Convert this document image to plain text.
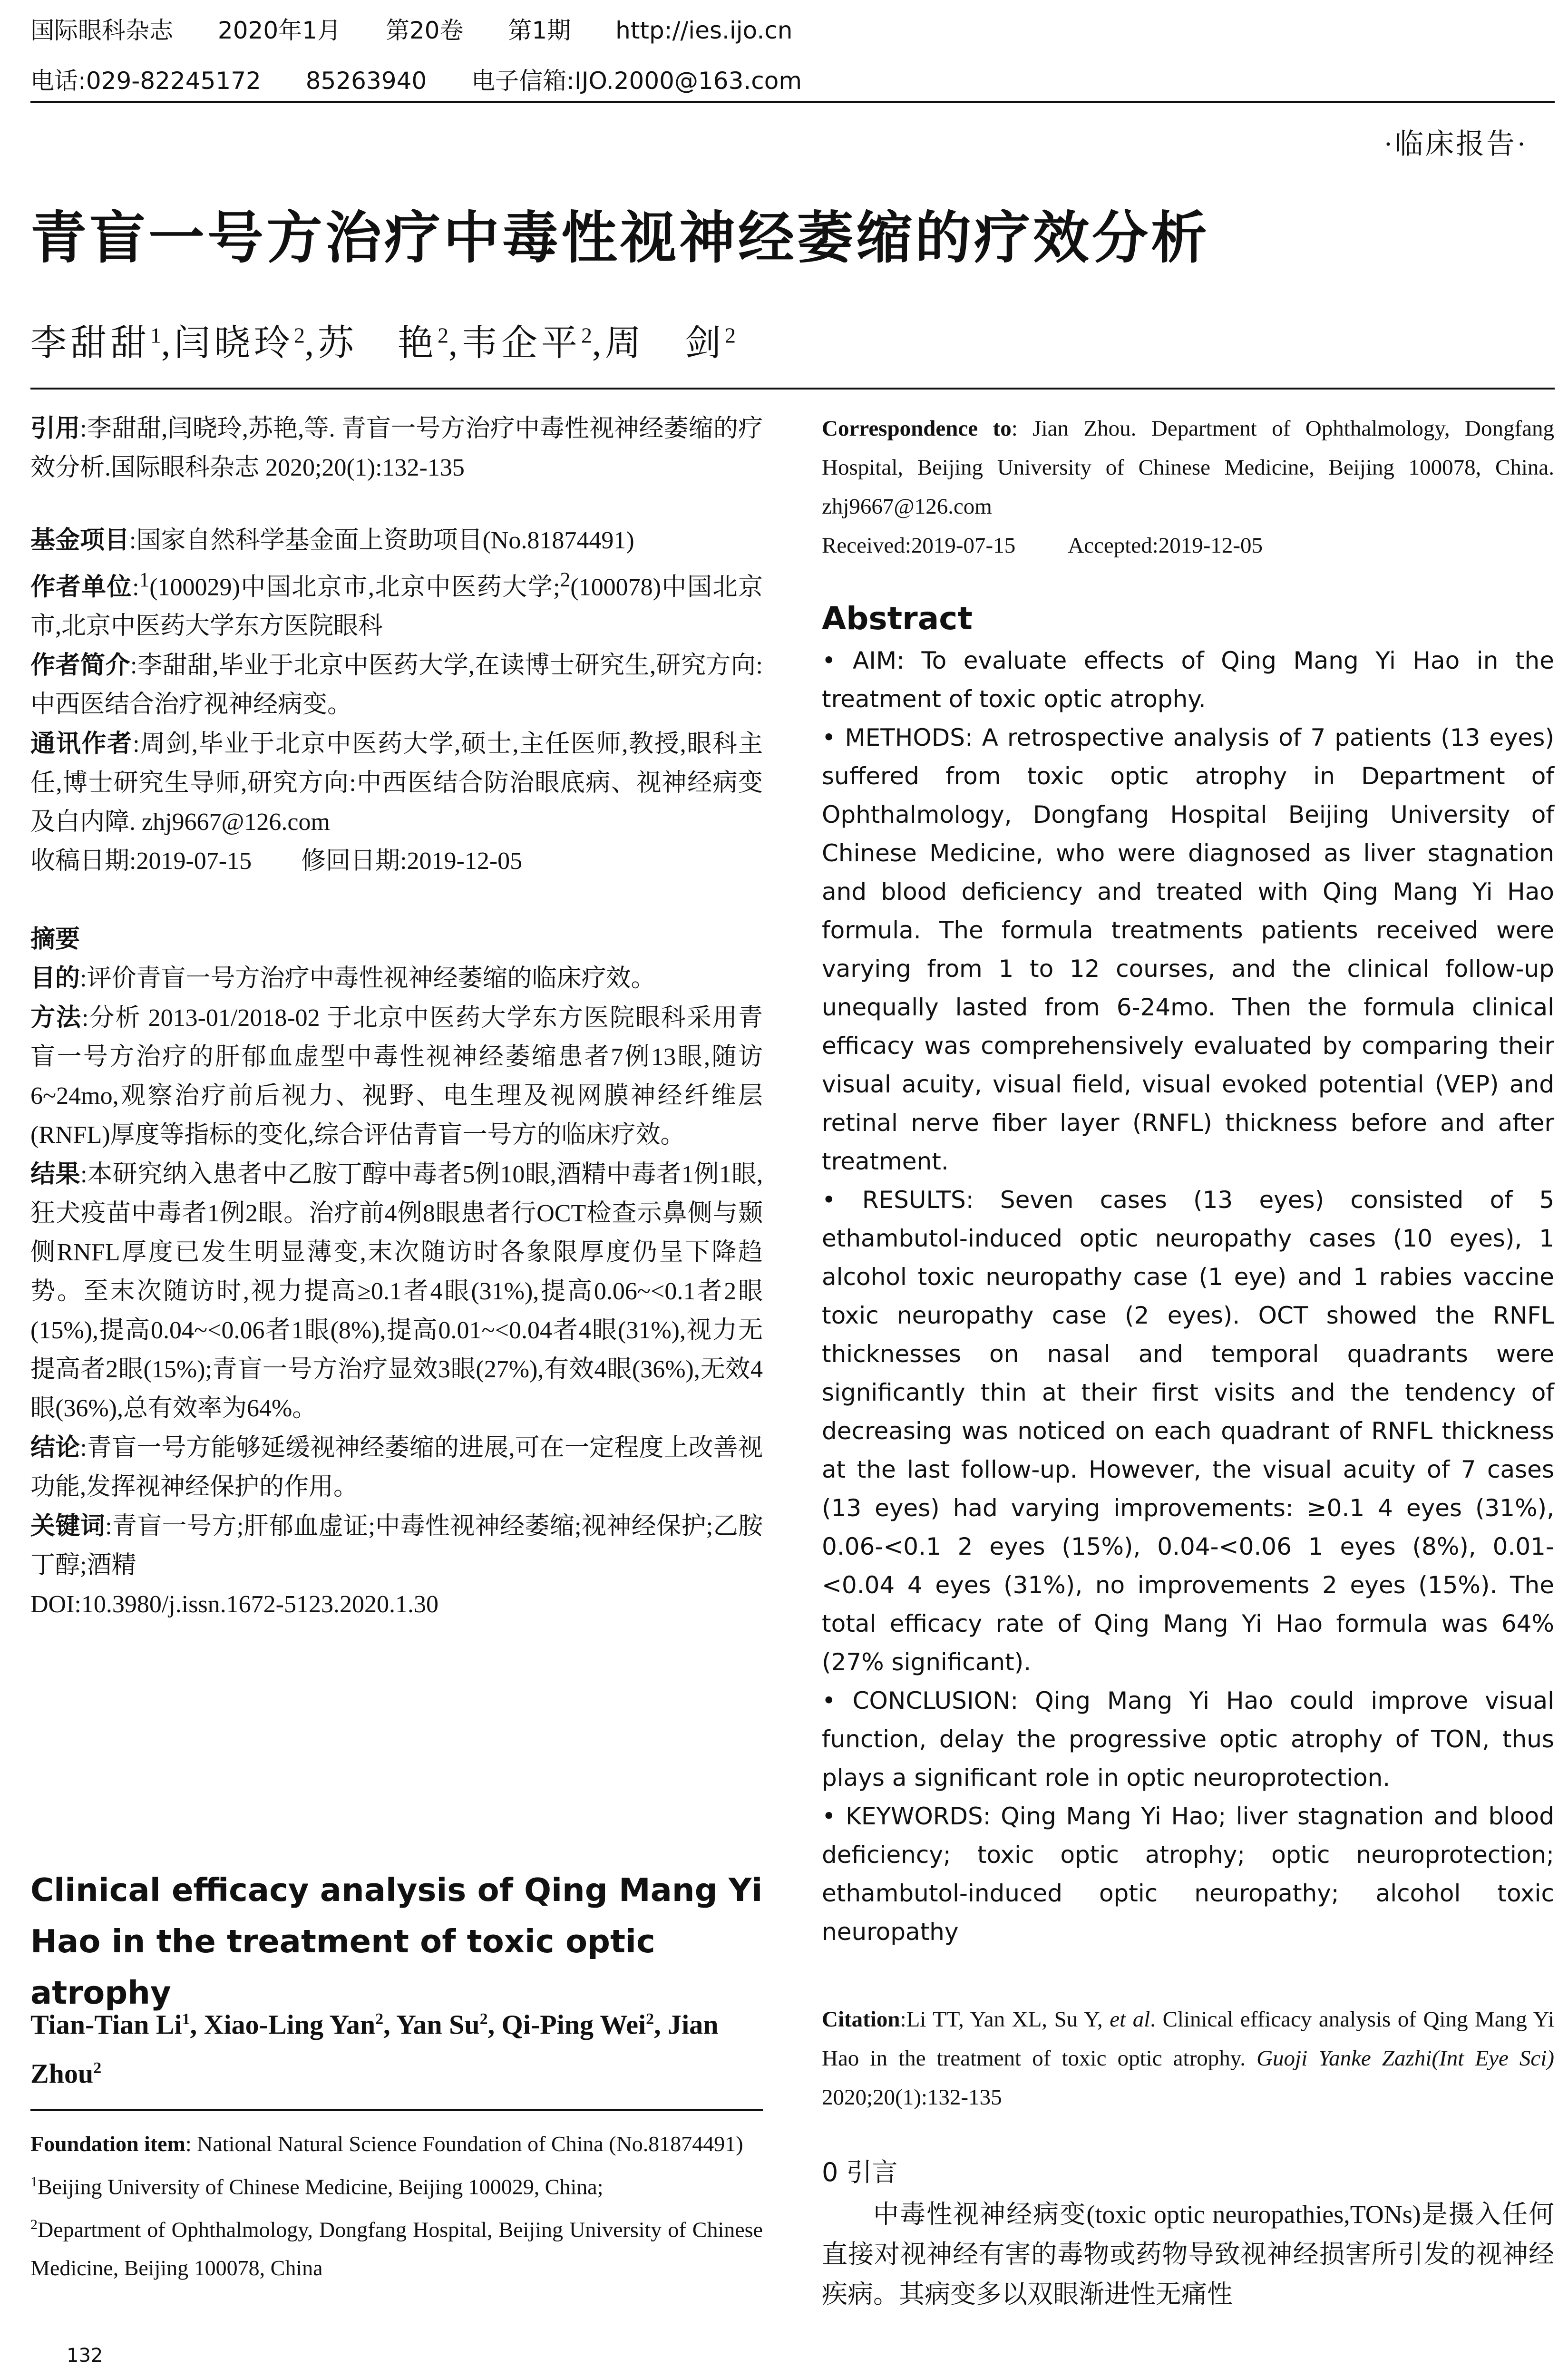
国际眼科杂志 2020年1月 第20卷 第1期 http://ies.ijo.cn
电话:029-82245172 85263940 电子信箱:IJO.2000@163.com
·临床报告·
青盲一号方治疗中毒性视神经萎缩的疗效分析
李甜甜$^1$,闫晓玲$^2$,苏　艳$^2$,韦企平$^2$,周　剑$^2$

引用:李甜甜,闫晓玲,苏艳,等. 青盲一号方治疗中毒性视神经萎缩的疗效分析.国际眼科杂志 2020;20(1):132-135

基金项目:国家自然科学基金面上资助项目(No.81874491)

作者单位:$^1$(100029)中国北京市,北京中医药大学;$^2$(100078)中国北京市,北京中医药大学东方医院眼科

作者简介:李甜甜,毕业于北京中医药大学,在读博士研究生,研究方向:中西医结合治疗视神经病变。

通讯作者:周剑,毕业于北京中医药大学,硕士,主任医师,教授,眼科主任,博士研究生导师,研究方向:中西医结合防治眼底病、视神经病变及白内障. zhj9667@126.com

收稿日期:2019-07-15　　修回日期:2019-12-05

摘要

目的:评价青盲一号方治疗中毒性视神经萎缩的临床疗效。

方法:分析 2013-01/2018-02 于北京中医药大学东方医院眼科采用青盲一号方治疗的肝郁血虚型中毒性视神经萎缩患者7例13眼,随访6~24mo,观察治疗前后视力、视野、电生理及视网膜神经纤维层(RNFL)厚度等指标的变化,综合评估青盲一号方的临床疗效。

结果:本研究纳入患者中乙胺丁醇中毒者5例10眼,酒精中毒者1例1眼,狂犬疫苗中毒者1例2眼。治疗前4例8眼患者行OCT检查示鼻侧与颞侧RNFL厚度已发生明显薄变,末次随访时各象限厚度仍呈下降趋势。至末次随访时,视力提高≥0.1者4眼(31%),提高0.06~<0.1者2眼(15%),提高0.04~<0.06者1眼(8%),提高0.01~<0.04者4眼(31%),视力无提高者2眼(15%);青盲一号方治疗显效3眼(27%),有效4眼(36%),无效4眼(36%),总有效率为64%。

结论:青盲一号方能够延缓视神经萎缩的进展,可在一定程度上改善视功能,发挥视神经保护的作用。

关键词:青盲一号方;肝郁血虚证;中毒性视神经萎缩;视神经保护;乙胺丁醇;酒精

DOI:10.3980/j.issn.1672-5123.2020.1.30

Clinical efficacy analysis of Qing Mang Yi Hao in the treatment of toxic optic atrophy
Tian-Tian Li$^1$, Xiao-Ling Yan$^2$, Yan Su$^2$, Qi-Ping Wei$^2$, Jian Zhou$^2$

Foundation item: National Natural Science Foundation of China (No.81874491)

$^1$Beijing University of Chinese Medicine, Beijing 100029, China;

$^2$Department of Ophthalmology, Dongfang Hospital, Beijing University of Chinese Medicine, Beijing 100078, China

Correspondence to: Jian Zhou. Department of Ophthalmology, Dongfang Hospital, Beijing University of Chinese Medicine, Beijing 100078, China. zhj9667@126.com

Received:2019-07-15 Accepted:2019-12-05

Abstract

• AIM: To evaluate effects of Qing Mang Yi Hao in the treatment of toxic optic atrophy.

• METHODS: A retrospective analysis of 7 patients (13 eyes) suffered from toxic optic atrophy in Department of Ophthalmology, Dongfang Hospital Beijing University of Chinese Medicine, who were diagnosed as liver stagnation and blood deficiency and treated with Qing Mang Yi Hao formula. The formula treatments patients received were varying from 1 to 12 courses, and the clinical follow-up unequally lasted from 6-24mo. Then the formula clinical efficacy was comprehensively evaluated by comparing their visual acuity, visual field, visual evoked potential (VEP) and retinal nerve fiber layer (RNFL) thickness before and after treatment.

• RESULTS: Seven cases (13 eyes) consisted of 5 ethambutol-induced optic neuropathy cases (10 eyes), 1 alcohol toxic neuropathy case (1 eye) and 1 rabies vaccine toxic neuropathy case (2 eyes). OCT showed the RNFL thicknesses on nasal and temporal quadrants were significantly thin at their first visits and the tendency of decreasing was noticed on each quadrant of RNFL thickness at the last follow-up. However, the visual acuity of 7 cases (13 eyes) had varying improvements: ≥0.1 4 eyes (31%), 0.06-<0.1 2 eyes (15%), 0.04-<0.06 1 eyes (8%), 0.01-<0.04 4 eyes (31%), no improvements 2 eyes (15%). The total efficacy rate of Qing Mang Yi Hao formula was 64% (27% significant).

• CONCLUSION: Qing Mang Yi Hao could improve visual function, delay the progressive optic atrophy of TON, thus plays a significant role in optic neuroprotection.

• KEYWORDS: Qing Mang Yi Hao; liver stagnation and blood deficiency; toxic optic atrophy; optic neuroprotection; ethambutol-induced optic neuropathy; alcohol toxic neuropathy

Citation:Li TT, Yan XL, Su Y, et al. Clinical efficacy analysis of Qing Mang Yi Hao in the treatment of toxic optic atrophy. Guoji Yanke Zazhi(Int Eye Sci) 2020;20(1):132-135

0 引言

中毒性视神经病变(toxic optic neuropathies,TONs)是摄入任何直接对视神经有害的毒物或药物导致视神经损害所引发的视神经疾病。其病变多以双眼渐进性无痛性

132
